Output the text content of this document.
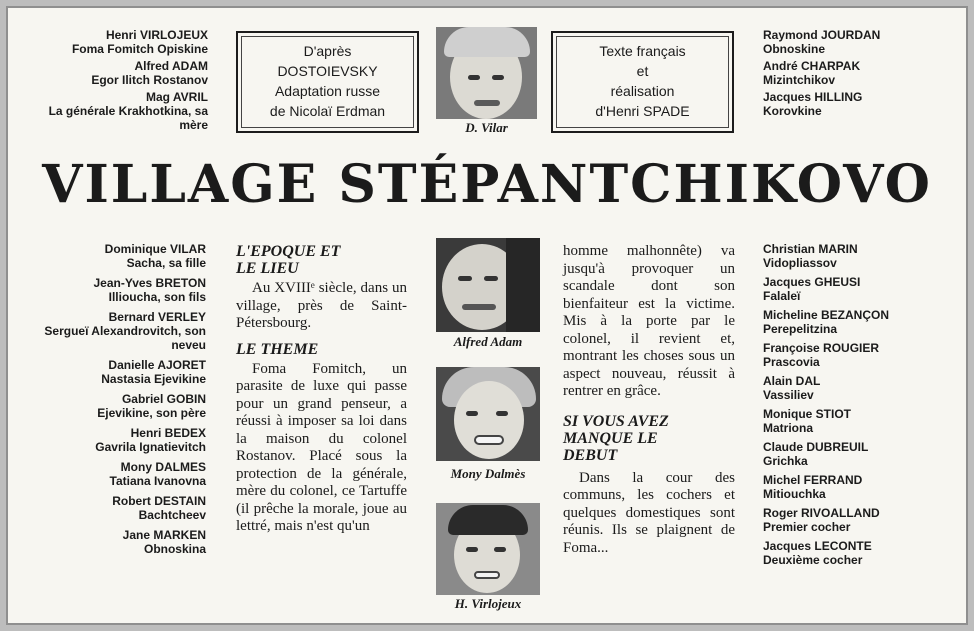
Henri VIRLOJEUX
Foma Fomitch Opiskine
Alfred ADAM
Egor Ilitch Rostanov
Mag AVRIL
La générale Krakhotkina, sa mère
D'après
DOSTOIEVSKY
Adaptation russe
de Nicolaï Erdman
D. Vilar
Texte français
et
réalisation
d'Henri SPADE
Raymond JOURDAN
Obnoskine
André CHARPAK
Mizintchikov
Jacques HILLING
Korovkine
VILLAGE STÉPANTCHIKOVO
Dominique VILAR
Sacha, sa fille
Jean-Yves BRETON
Illioucha, son fils
Bernard VERLEY
Sergueï Alexandrovitch, son neveu
Danielle AJORET
Nastasia Ejevikine
Gabriel GOBIN
Ejevikine, son père
Henri BEDEX
Gavrila Ignatievitch
Mony DALMES
Tatiana Ivanovna
Robert DESTAIN
Bachtcheev
Jane MARKEN
Obnoskina
L'EPOQUE ET LE LIEU

Au XVIIIᵉ siècle, dans un village, près de Saint-Pétersbourg.

LE THEME

Foma Fomitch, un parasite de luxe qui passe pour un grand penseur, a réussi à imposer sa loi dans la maison du colonel Rostanov. Placé sous la protection de la générale, mère du colonel, ce Tartuffe (il prêche la morale, joue au lettré, mais n'est qu'un

Alfred Adam
Mony Dalmès
H. Virlojeux

homme malhonnête) va jusqu'à provoquer un scandale dont son bienfaiteur est la victime. Mis à la porte par le colonel, il revient et, montrant les choses sous un aspect nouveau, réussit à rentrer en grâce.

SI VOUS AVEZ MANQUE LE DEBUT

Dans la cour des communs, les cochers et quelques domestiques sont réunis. Ils se plaignent de Foma...

Christian MARIN
Vidopliassov
Jacques GHEUSI
Falaleï
Micheline BEZANÇON
Perepelitzina
Françoise ROUGIER
Prascovia
Alain DAL
Vassiliev
Monique STIOT
Matriona
Claude DUBREUIL
Grichka
Michel FERRAND
Mitiouchka
Roger RIVOALLAND
Premier cocher
Jacques LECONTE
Deuxième cocher
